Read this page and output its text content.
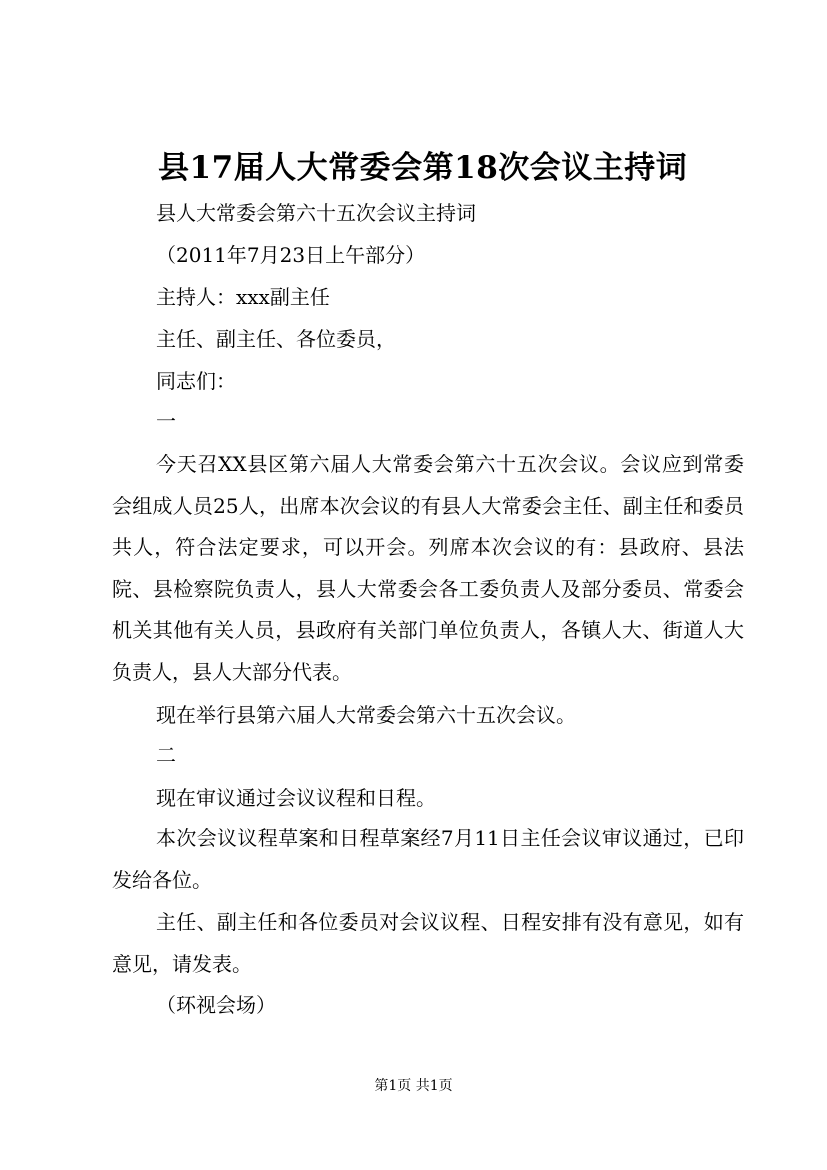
县17届人大常委会第18次会议主持词
县人大常委会第六十五次会议主持词
（2011年7月23日上午部分）
主持人：xxx副主任
主任、副主任、各位委员，
同志们：
一

今天召XX县区第六届人大常委会第六十五次会议。会议应到常委会组成人员25人，出席本次会议的有县人大常委会主任、副主任和委员共人，符合法定要求，可以开会。列席本次会议的有：县政府、县法院、县检察院负责人，县人大常委会各工委负责人及部分委员、常委会机关其他有关人员，县政府有关部门单位负责人，各镇人大、街道人大负责人，县人大部分代表。

现在举行县第六届人大常委会第六十五次会议。
二
现在审议通过会议议程和日程。

本次会议议程草案和日程草案经7月11日主任会议审议通过，已印发给各位。

主任、副主任和各位委员对会议议程、日程安排有没有意见，如有意见，请发表。

（环视会场）
第1页 共1页
